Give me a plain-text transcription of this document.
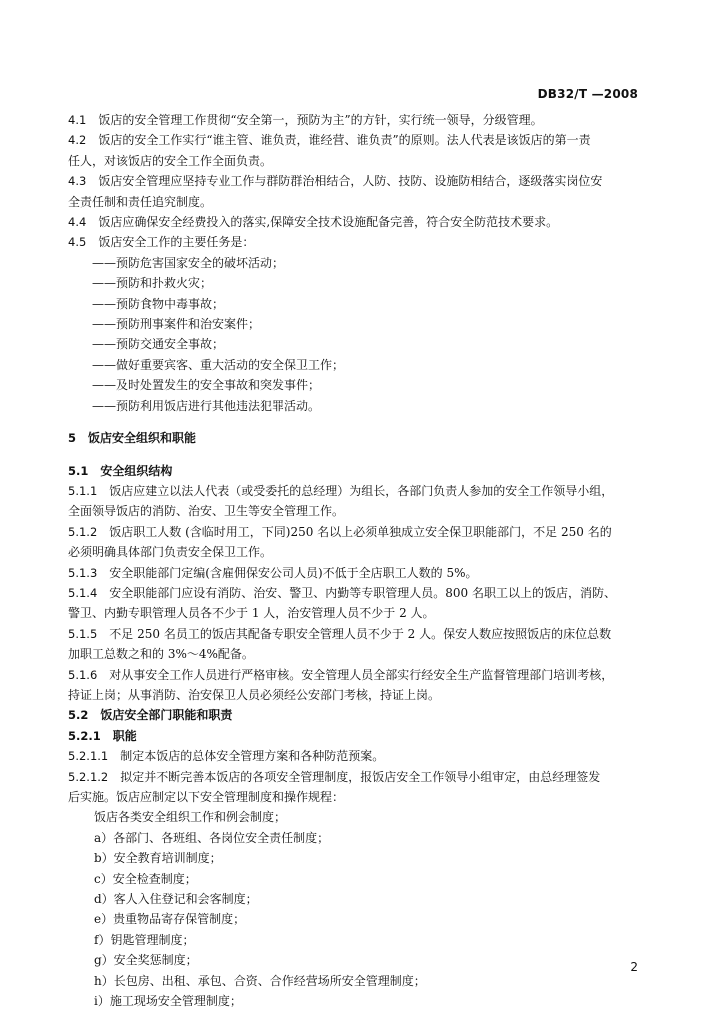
DB32/T —2008

4.1　 饭店的安全管理工作贯彻“安全第一，预防为主”的方针，实行统一领导，分级管理。

4.2　 饭店的安全工作实行“谁主管、谁负责，谁经营、谁负责”的原则。法人代表是该饭店的第一责

任人，对该饭店的安全工作全面负责。

4.3　 饭店安全管理应坚持专业工作与群防群治相结合，人防、技防、设施防相结合，逐级落实岗位安

全责任制和责任追究制度。

4.4　 饭店应确保安全经费投入的落实,保障安全技术设施配备完善，符合安全防范技术要求。

4.5　 饭店安全工作的主要任务是：

——预防危害国家安全的破坏活动；

——预防和扑救火灾；

——预防食物中毒事故；

——预防刑事案件和治安案件；

——预防交通安全事故；

——做好重要宾客、重大活动的安全保卫工作；

——及时处置发生的安全事故和突发事件；

——预防利用饭店进行其他违法犯罪活动。

5　 饭店安全组织和职能

5.1　 安全组织结构

5.1.1　 饭店应建立以法人代表（或受委托的总经理）为组长，各部门负责人参加的安全工作领导小组，

全面领导饭店的消防、治安、卫生等安全管理工作。

5.1.2　 饭店职工人数 (含临时用工，下同)250 名以上必须单独成立安全保卫职能部门，不足 250 名的

必须明确具体部门负责安全保卫工作。

5.1.3　 安全职能部门定编(含雇佣保安公司人员)不低于全店职工人数的 5%。

5.1.4　 安全职能部门应设有消防、治安、警卫、内勤等专职管理人员。800 名职工以上的饭店，消防、

警卫、内勤专职管理人员各不少于 1 人，治安管理人员不少于 2 人。

5.1.5　 不足 250 名员工的饭店其配备专职安全管理人员不少于 2 人。保安人数应按照饭店的床位总数

加职工总数之和的 3%～4%配备。

5.1.6　 对从事安全工作人员进行严格审核。安全管理人员全部实行经安全生产监督管理部门培训考核，

持证上岗；从事消防、治安保卫人员必须经公安部门考核，持证上岗。

5.2　 饭店安全部门职能和职责

5.2.1　 职能

5.2.1.1　 制定本饭店的总体安全管理方案和各种防范预案。

5.2.1.2　 拟定并不断完善本饭店的各项安全管理制度，报饭店安全工作领导小组审定，由总经理签发

后实施。饭店应制定以下安全管理制度和操作规程：

饭店各类安全组织工作和例会制度；

a）各部门、各班组、各岗位安全责任制度；

b）安全教育培训制度；

c）安全检查制度；

d）客人入住登记和会客制度；

e）贵重物品寄存保管制度；

f）钥匙管理制度；

g）安全奖惩制度；

h）长包房、出租、承包、合资、合作经营场所安全管理制度；

i）施工现场安全管理制度；

2
